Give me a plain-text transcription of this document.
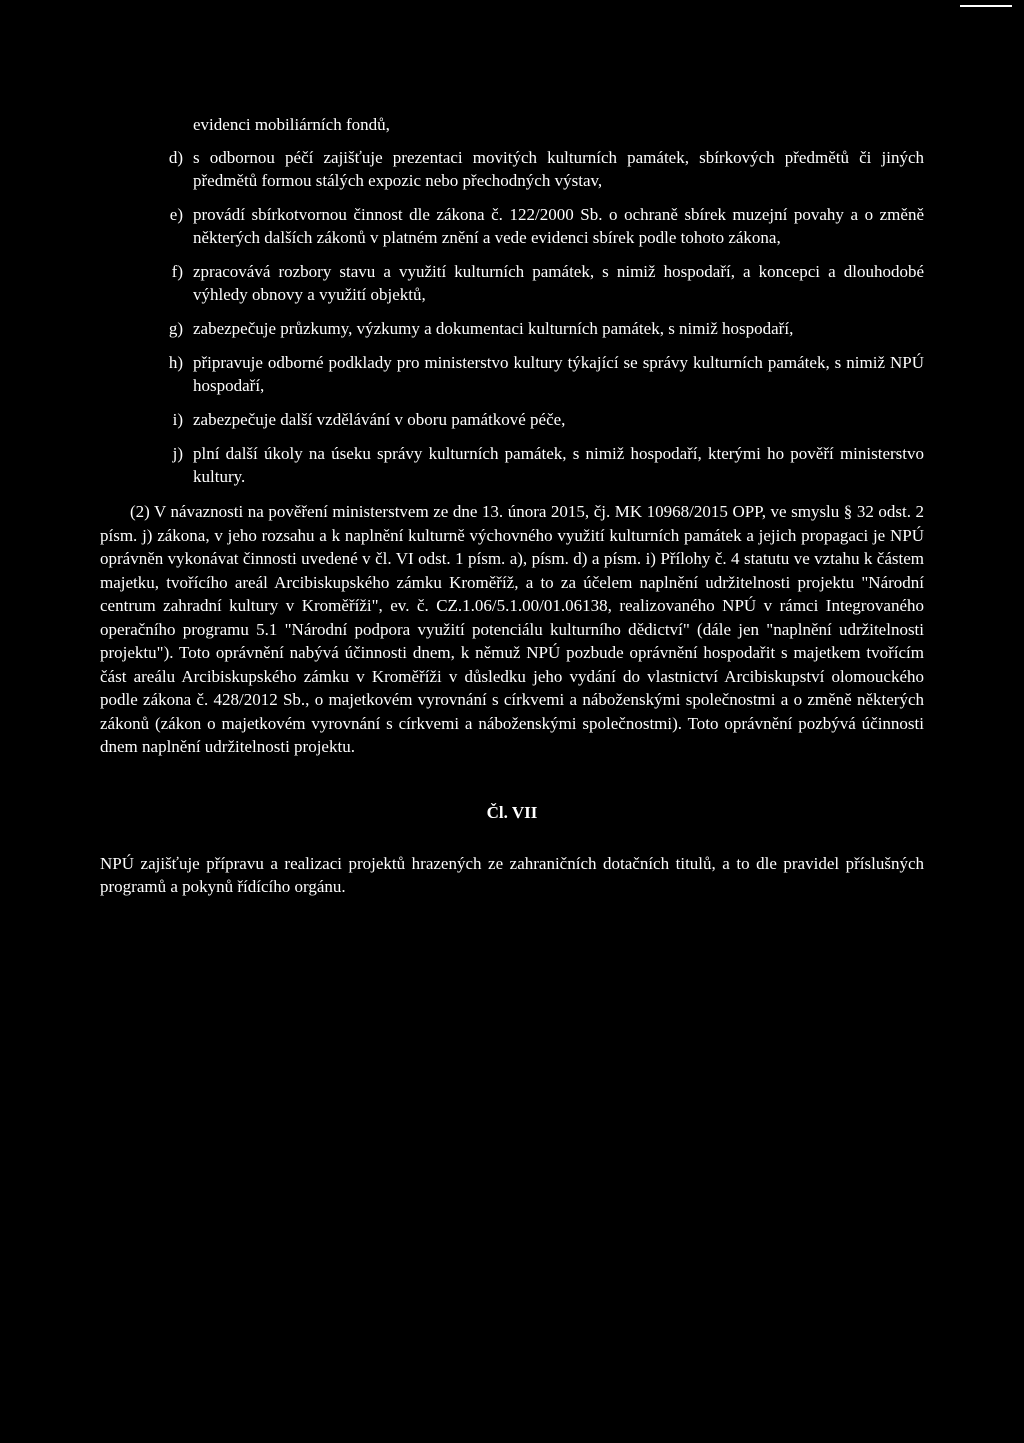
evidenci mobiliárních fondů,
d) s odbornou péčí zajišťuje prezentaci movitých kulturních památek, sbírkových předmětů či jiných předmětů formou stálých expozic nebo přechodných výstav,
e) provádí sbírkotvornou činnost dle zákona č. 122/2000 Sb. o ochraně sbírek muzejní povahy a o změně některých dalších zákonů v platném znění a vede evidenci sbírek podle tohoto zákona,
f) zpracovává rozbory stavu a využití kulturních památek, s nimiž hospodaří, a koncepci a dlouhodobé výhledy obnovy a využití objektů,
g) zabezpečuje průzkumy, výzkumy a dokumentaci kulturních památek, s nimiž hospodaří,
h) připravuje odborné podklady pro ministerstvo kultury týkající se správy kulturních památek, s nimiž NPÚ hospodaří,
i) zabezpečuje další vzdělávání v oboru památkové péče,
j) plní další úkoly na úseku správy kulturních památek, s nimiž hospodaří, kterými ho pověří ministerstvo kultury.

(2) V návaznosti na pověření ministerstvem ze dne 13. února 2015, čj. MK 10968/2015 OPP, ve smyslu § 32 odst. 2 písm. j) zákona, v jeho rozsahu a k naplnění kulturně výchovného využití kulturních památek a jejich propagaci je NPÚ oprávněn vykonávat činnosti uvedené v čl. VI odst. 1 písm. a), písm. d) a písm. i) Přílohy č. 4 statutu ve vztahu k částem majetku, tvořícího areál Arcibiskupského zámku Kroměříž, a to za účelem naplnění udržitelnosti projektu "Národní centrum zahradní kultury v Kroměříži", ev. č. CZ.1.06/5.1.00/01.06138, realizovaného NPÚ v rámci Integrovaného operačního programu 5.1 "Národní podpora využití potenciálu kulturního dědictví" (dále jen "naplnění udržitelnosti projektu"). Toto oprávnění nabývá účinnosti dnem, k němuž NPÚ pozbude oprávnění hospodařit s majetkem tvořícím část areálu Arcibiskupského zámku v Kroměříži v důsledku jeho vydání do vlastnictví Arcibiskupství olomouckého podle zákona č. 428/2012 Sb., o majetkovém vyrovnání s církvemi a náboženskými společnostmi a o změně některých zákonů (zákon o majetkovém vyrovnání s církvemi a náboženskými společnostmi). Toto oprávnění pozbývá účinnosti dnem naplnění udržitelnosti projektu.

Čl. VII

NPÚ zajišťuje přípravu a realizaci projektů hrazených ze zahraničních dotačních titulů, a to dle pravidel příslušných programů a pokynů řídícího orgánu.
